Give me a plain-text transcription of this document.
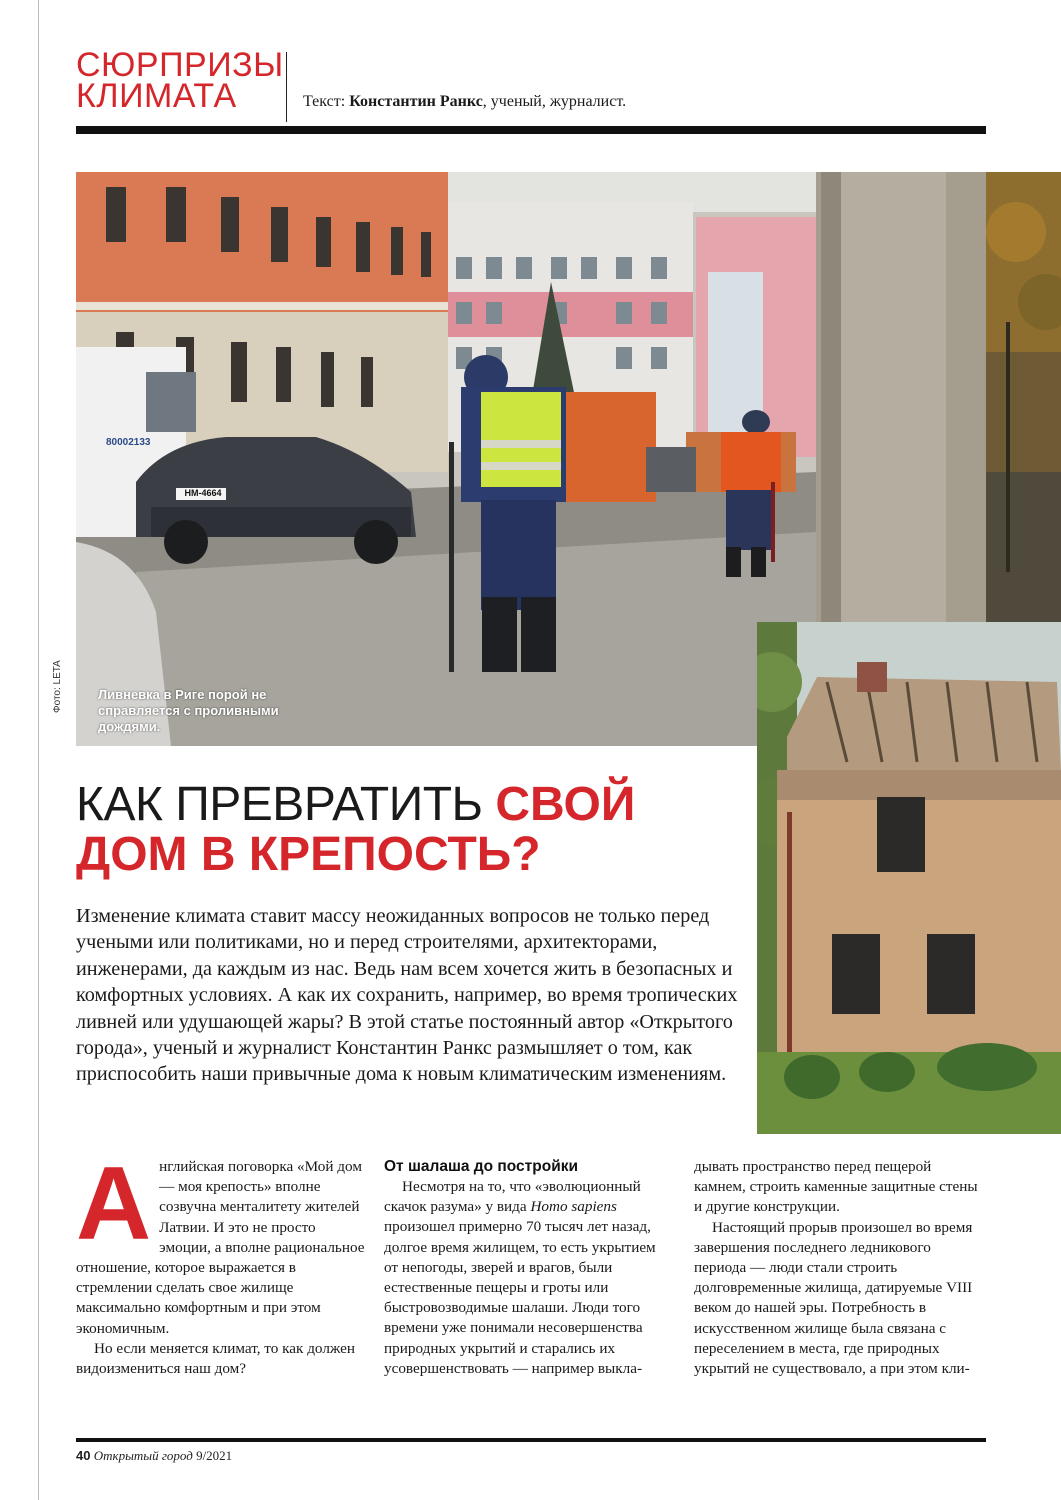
СЮРПРИЗЫ
КЛИМАТА	Текст: Константин Ранкс, ученый, журналист.
HM-4664
80002133
Ливневка в Риге порой не справляется с проливными дождями.
Фото: LETA
КАК ПРЕВРАТИТЬ СВОЙ
ДОМ В КРЕПОСТЬ?

Изменение климата ставит массу неожиданных вопросов не только перед учеными или политиками, но и перед строителями, архитекторами, инженерами, да каждым из нас. Ведь нам всем хочется жить в безопасных и комфортных условиях. А как их сохранить, например, во время тропических ливней или удушающей жары? В этой статье постоянный автор «Открытого города», ученый и журналист Константин Ранкс размышляет о том, как приспособить наши привычные дома к новым климатическим изменениям.

А нглийская поговорка «Мой дом — моя крепость» вполне созвучна менталитету жителей Латвии. И это не просто эмоции, а вполне рациональное отношение, которое выражается в стремлении сделать свое жилище максимально комфортным и при этом экономичным.

Но если меняется климат, то как должен видоизмениться наш дом?

От шалаша до постройки

Несмотря на то, что «эволюционный скачок разума» у вида Homo sapiens произошел примерно 70 тысяч лет назад, долгое время жилищем, то есть укрытием от непогоды, зверей и врагов, были естественные пещеры и гроты или быстровозводимые шалаши. Люди того времени уже понимали несовершенства природных укрытий и старались их усовершенствовать — например выкла-

дывать пространство перед пещерой камнем, строить каменные защитные стены и другие конструкции.

Настоящий прорыв произошел во время завершения последнего ледникового периода — люди стали строить долговременные жилища, датируемые VIII веком до нашей эры. Потребность в искусственном жилище была связана с переселением в места, где природных укрытий не существовало, а при этом кли-

40 Открытый город 9/2021
